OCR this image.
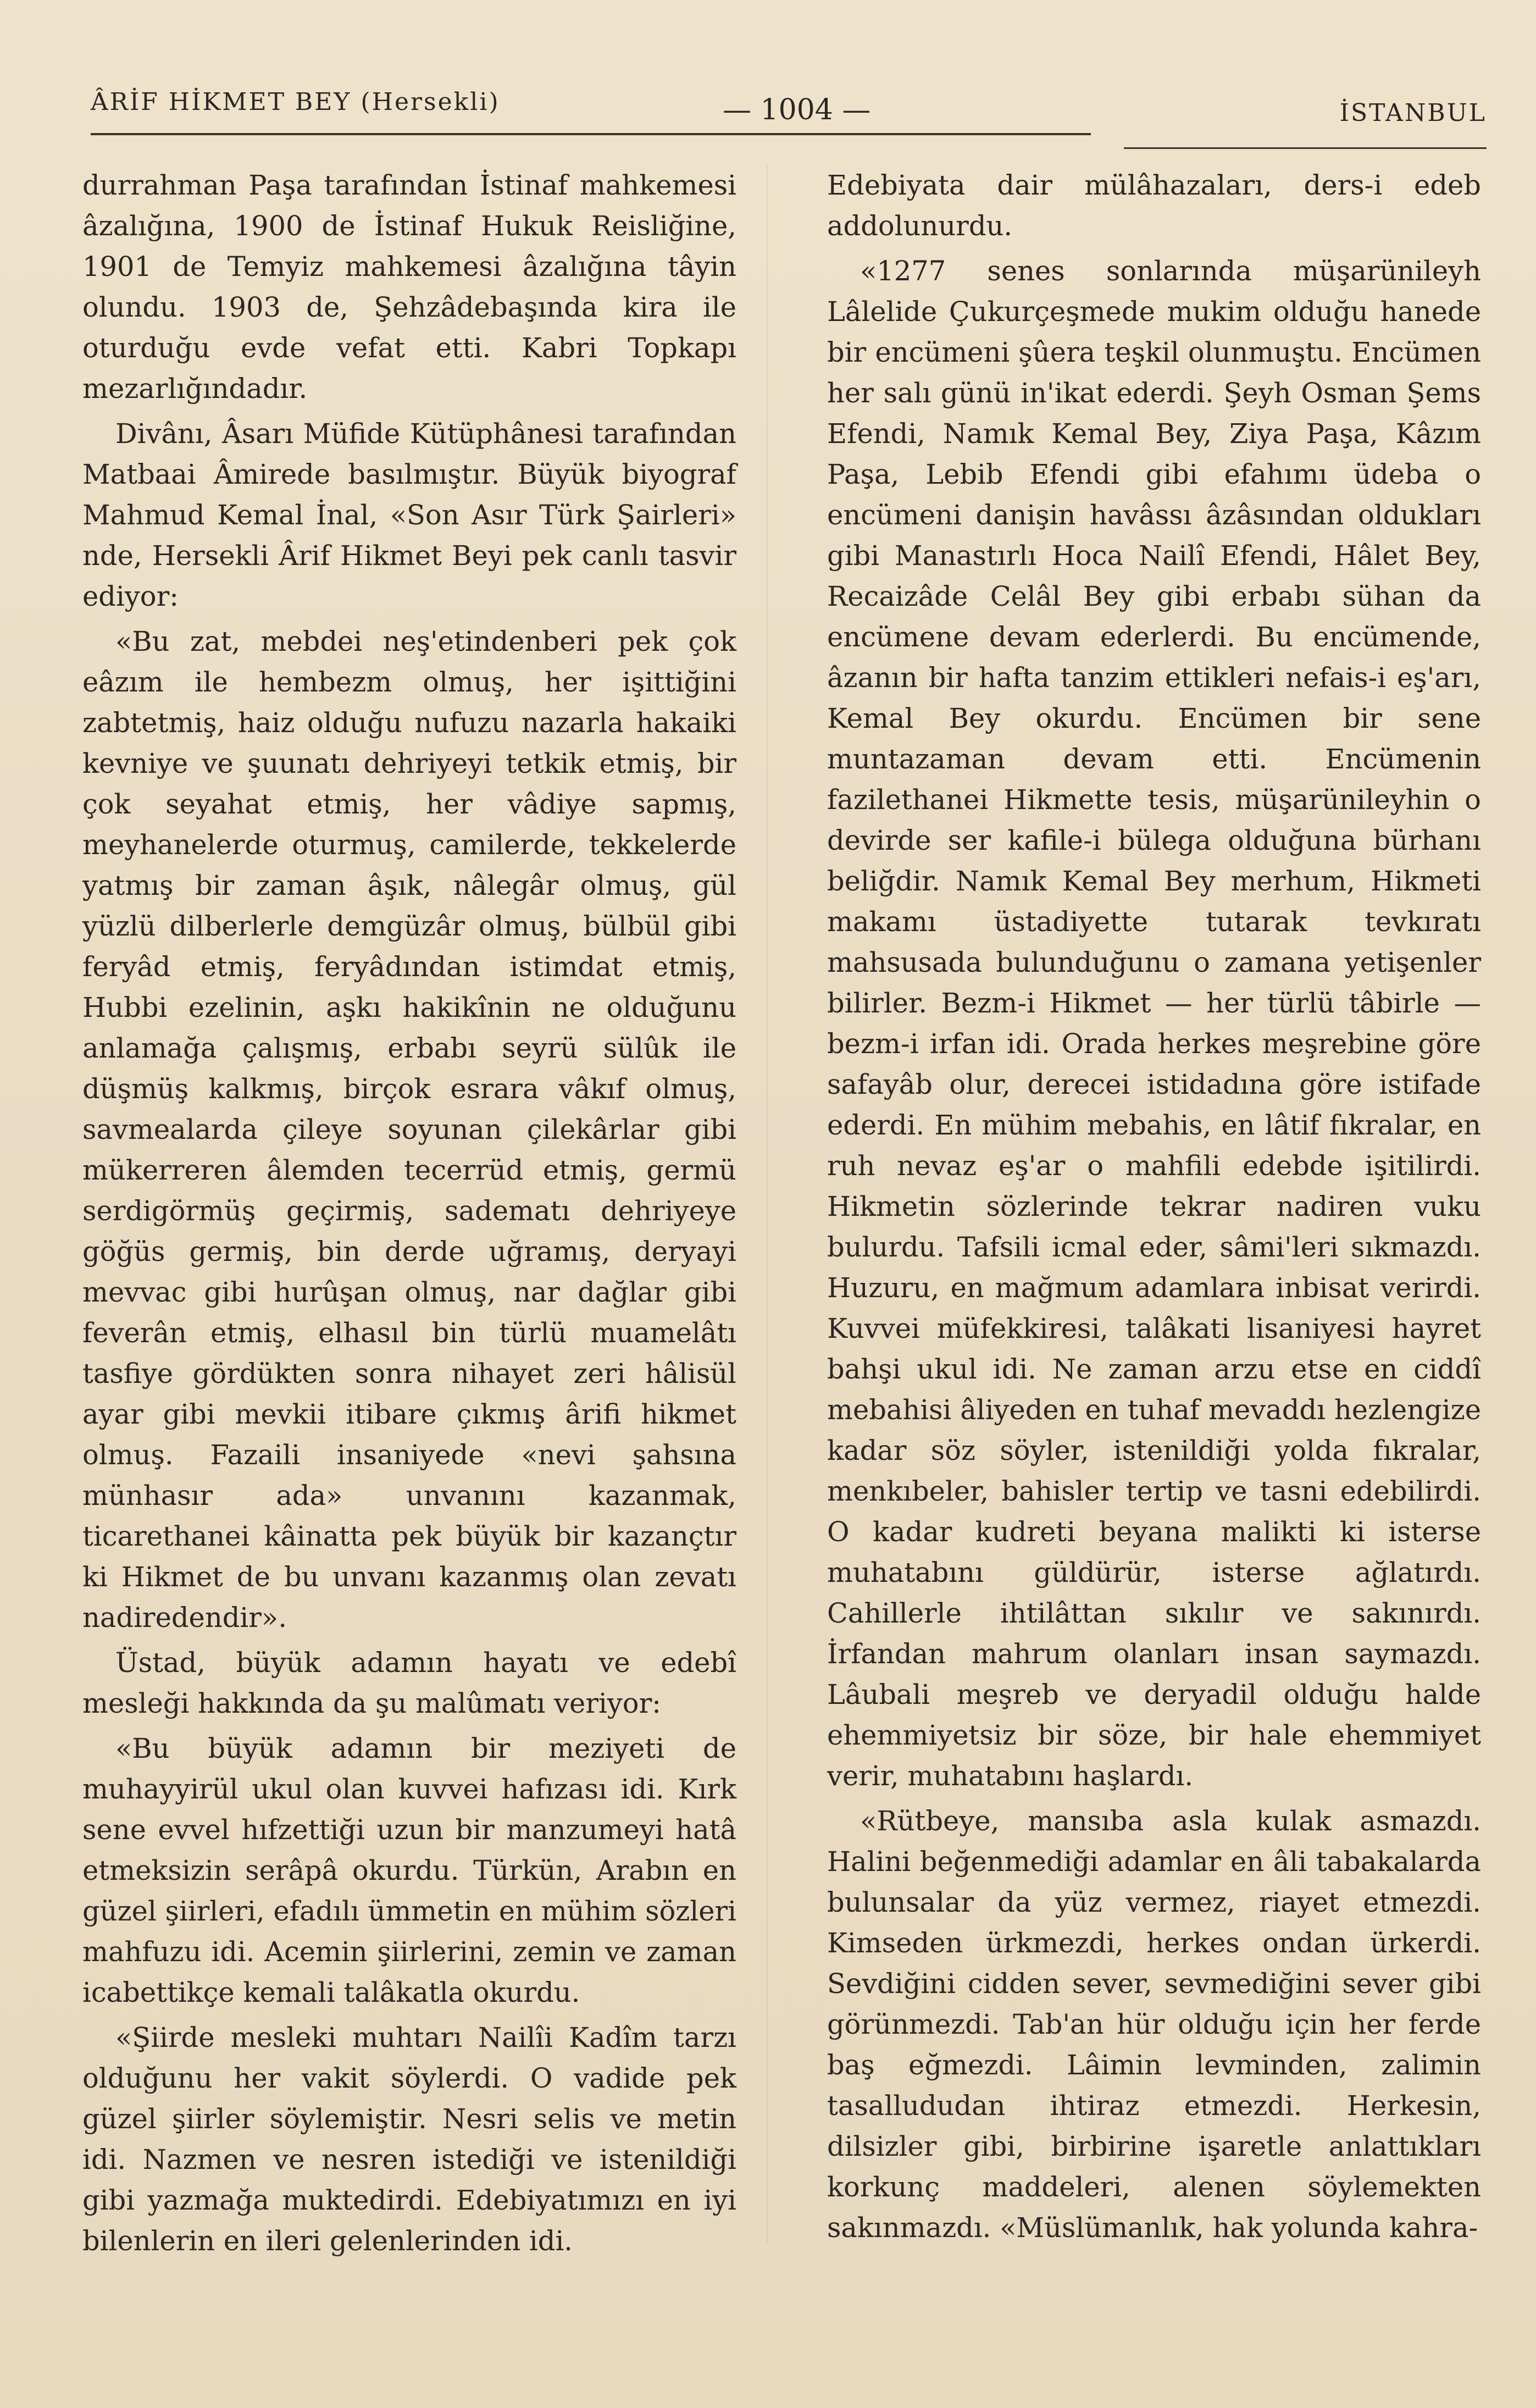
ÂRİF HİKMET BEY (Hersekli)	— 1004 —	İSTANBUL

durrahman Paşa tarafından İstinaf mahkemesi âzalığına, 1900 de İstinaf Hukuk Reisliğine, 1901 de Temyiz mahkemesi âzalığına tâyin olundu. 1903 de, Şehzâdebaşında kira ile oturduğu evde vefat etti. Kabri Topkapı mezarlığındadır.

Divânı, Âsarı Müfide Kütüphânesi tarafından Matbaai Âmirede basılmıştır. Büyük biyograf Mahmud Kemal İnal, «Son Asır Türk Şairleri» nde, Hersekli Ârif Hikmet Beyi pek canlı tasvir ediyor:

«Bu zat, mebdei neş'etindenberi pek çok eâzım ile hembezm olmuş, her işittiğini zabtetmiş, haiz olduğu nufuzu nazarla hakaiki kevniye ve şuunatı dehriyeyi tetkik etmiş, bir çok seyahat etmiş, her vâdiye sapmış, meyhanelerde oturmuş, camilerde, tekkelerde yatmış bir zaman âşık, nâlegâr olmuş, gül yüzlü dilberlerle demgüzâr olmuş, bülbül gibi feryâd etmiş, feryâdından istimdat etmiş, Hubbi ezelinin, aşkı hakikînin ne olduğunu anlamağa çalışmış, erbabı seyrü sülûk ile düşmüş kalkmış, birçok esrara vâkıf olmuş, savmealarda çileye soyunan çilekârlar gibi mükerreren âlemden tecerrüd etmiş, germü serdigörmüş geçirmiş, sadematı dehriyeye göğüs germiş, bin derde uğramış, deryayi mevvac gibi hurûşan olmuş, nar dağlar gibi feverân etmiş, elhasıl bin türlü muamelâtı tasfiye gördükten sonra nihayet zeri hâlisül ayar gibi mevkii itibare çıkmış ârifi hikmet olmuş. Fazaili insaniyede «nevi şahsına münhasır ada» unvanını kazanmak, ticarethanei kâinatta pek büyük bir kazançtır ki Hikmet de bu unvanı kazanmış olan zevatı nadiredendir».

Üstad, büyük adamın hayatı ve edebî mesleği hakkında da şu malûmatı veriyor:

«Bu büyük adamın bir meziyeti de muhayyirül ukul olan kuvvei hafızası idi. Kırk sene evvel hıfzettiği uzun bir manzumeyi hatâ etmeksizin serâpâ okurdu. Türkün, Arabın en güzel şiirleri, efadılı ümmetin en mühim sözleri mahfuzu idi. Acemin şiirlerini, zemin ve zaman icabettikçe kemali talâkatla okurdu.

«Şiirde mesleki muhtarı Nailîi Kadîm tarzı olduğunu her vakit söylerdi. O vadide pek güzel şiirler söylemiştir. Nesri selis ve metin idi. Nazmen ve nesren istediği ve istenildiği gibi yazmağa muktedirdi. Edebiyatımızı en iyi bilenlerin en ileri gelenlerinden idi.

Edebiyata dair mülâhazaları, ders-i edeb addolunurdu.

«1277 senes sonlarında müşarünileyh Lâlelide Çukurçeşmede mukim olduğu hanede bir encümeni şûera teşkil olunmuştu. Encümen her salı günü in'ikat ederdi. Şeyh Osman Şems Efendi, Namık Kemal Bey, Ziya Paşa, Kâzım Paşa, Lebib Efendi gibi efahımı üdeba o encümeni danişin havâssı âzâsından oldukları gibi Manastırlı Hoca Nailî Efendi, Hâlet Bey, Recaizâde Celâl Bey gibi erbabı sühan da encümene devam ederlerdi. Bu encümende, âzanın bir hafta tanzim ettikleri nefais-i eş'arı, Kemal Bey okurdu. Encümen bir sene muntazaman devam etti. Encümenin fazilethanei Hikmette tesis, müşarünileyhin o devirde ser kafile-i bülega olduğuna bürhanı beliğdir. Namık Kemal Bey merhum, Hikmeti makamı üstadiyette tutarak tevkıratı mahsusada bulunduğunu o zamana yetişenler bilirler. Bezm-i Hikmet — her türlü tâbirle — bezm-i irfan idi. Orada herkes meşrebine göre safayâb olur, derecei istidadına göre istifade ederdi. En mühim mebahis, en lâtif fıkralar, en ruh nevaz eş'ar o mahfili edebde işitilirdi. Hikmetin sözlerinde tekrar nadiren vuku bulurdu. Tafsili icmal eder, sâmi'leri sıkmazdı. Huzuru, en mağmum adamlara inbisat verirdi. Kuvvei müfekkiresi, talâkati lisaniyesi hayret bahşi ukul idi. Ne zaman arzu etse en ciddî mebahisi âliyeden en tuhaf mevaddı hezlengize kadar söz söyler, istenildiği yolda fıkralar, menkıbeler, bahisler tertip ve tasni edebilirdi. O kadar kudreti beyana malikti ki isterse muhatabını güldürür, isterse ağlatırdı. Cahillerle ihtilâttan sıkılır ve sakınırdı. İrfandan mahrum olanları insan saymazdı. Lâubali meşreb ve deryadil olduğu halde ehemmiyetsiz bir söze, bir hale ehemmiyet verir, muhatabını haşlardı.

«Rütbeye, mansıba asla kulak asmazdı. Halini beğenmediği adamlar en âli tabakalarda bulunsalar da yüz vermez, riayet etmezdi. Kimseden ürkmezdi, herkes ondan ürkerdi. Sevdiğini cidden sever, sevmediğini sever gibi görünmezdi. Tab'an hür olduğu için her ferde baş eğmezdi. Lâimin levminden, zalimin tasallududan ihtiraz etmezdi. Herkesin, dilsizler gibi, birbirine işaretle anlattıkları korkunç maddeleri, alenen söylemekten sakınmazdı. «Müslümanlık, hak yolunda kahra-
